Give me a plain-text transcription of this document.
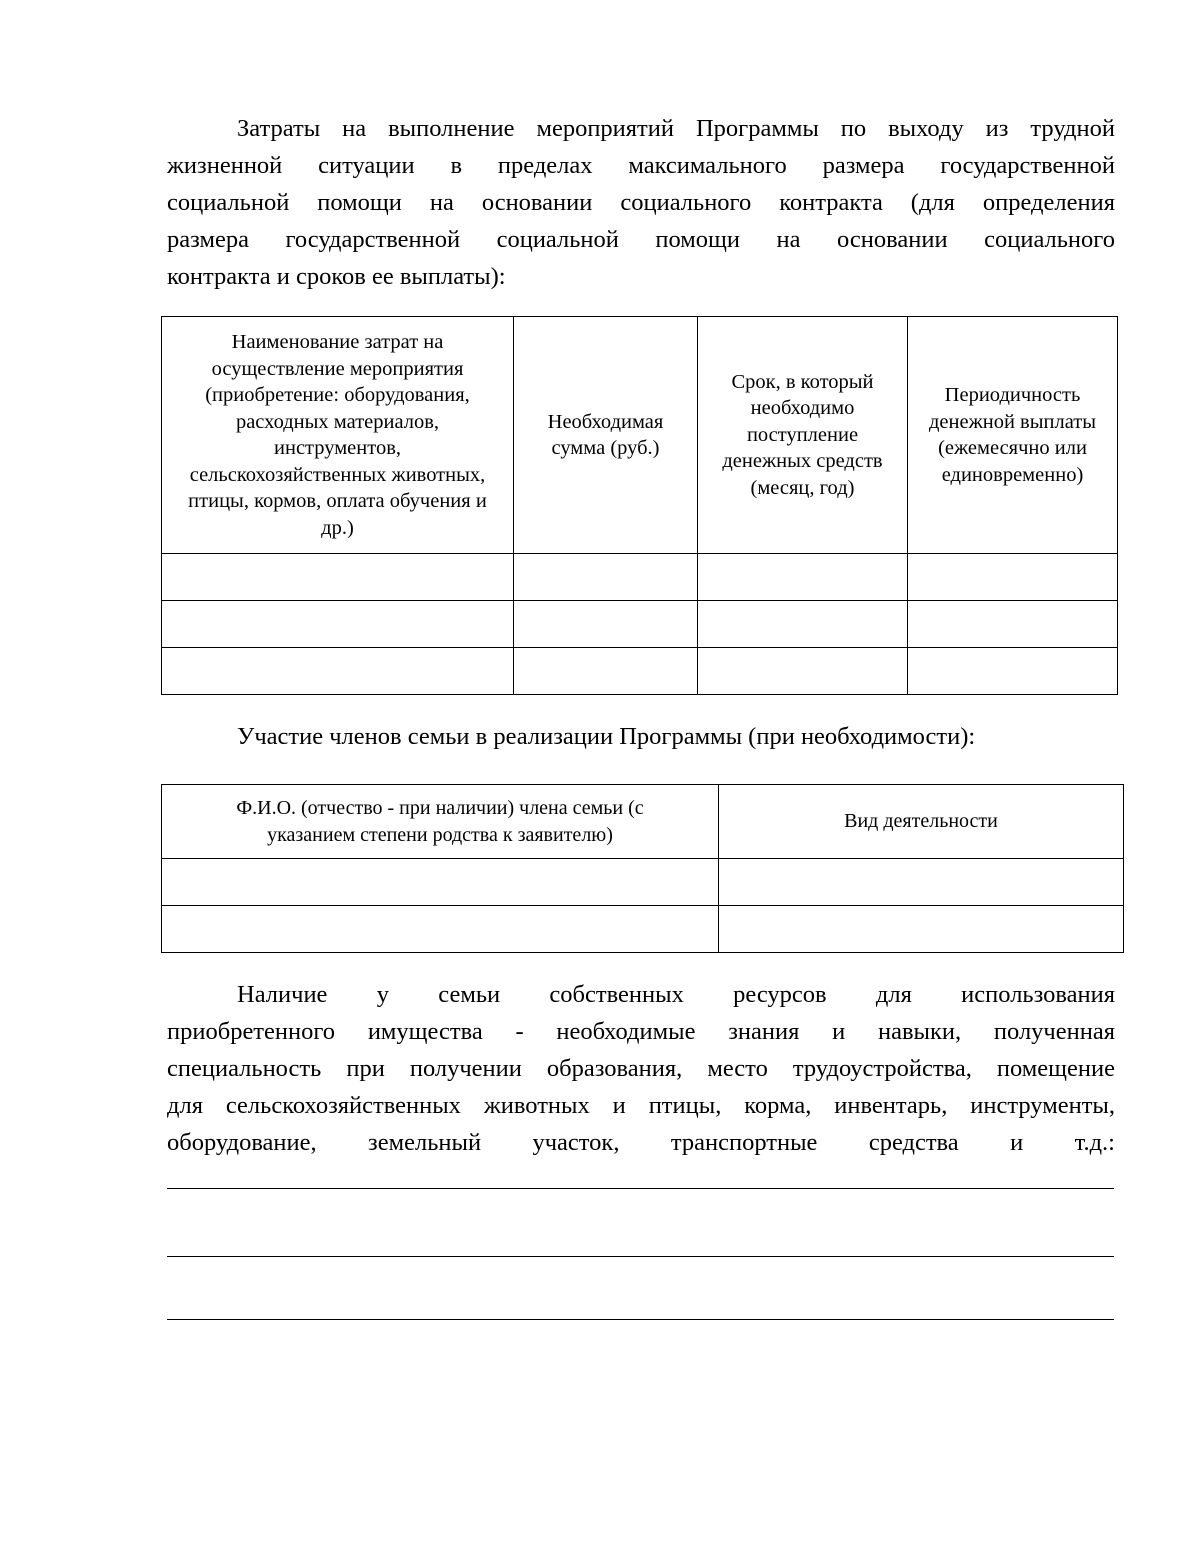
Затраты на выполнение мероприятий Программы по выходу из трудной
жизненной ситуации в пределах максимального размера государственной
социальной помощи на основании социального контракта (для определения
размера государственной социальной помощи на основании социального
контракта и сроков ее выплаты):
Наименование затрат на осуществление мероприятия (приобретение: оборудования, расходных материалов, инструментов, сельскохозяйственных животных, птицы, кормов, оплата обучения и др.)	Необходимая сумма (руб.)	Срок, в который необходимо поступление денежных средств (месяц, год)	Периодичность денежной выплаты (ежемесячно или единовременно)

Участие членов семьи в реализации Программы (при необходимости):
Ф.И.О. (отчество - при наличии) члена семьи (с указанием степени родства к заявителю)	Вид деятельности

Наличие у семьи собственных ресурсов для использования
приобретенного имущества - необходимые знания и навыки, полученная
специальность при получении образования, место трудоустройства, помещение
для сельскохозяйственных животных и птицы, корма, инвентарь, инструменты,
оборудование, земельный участок, транспортные средства и т.д.:
